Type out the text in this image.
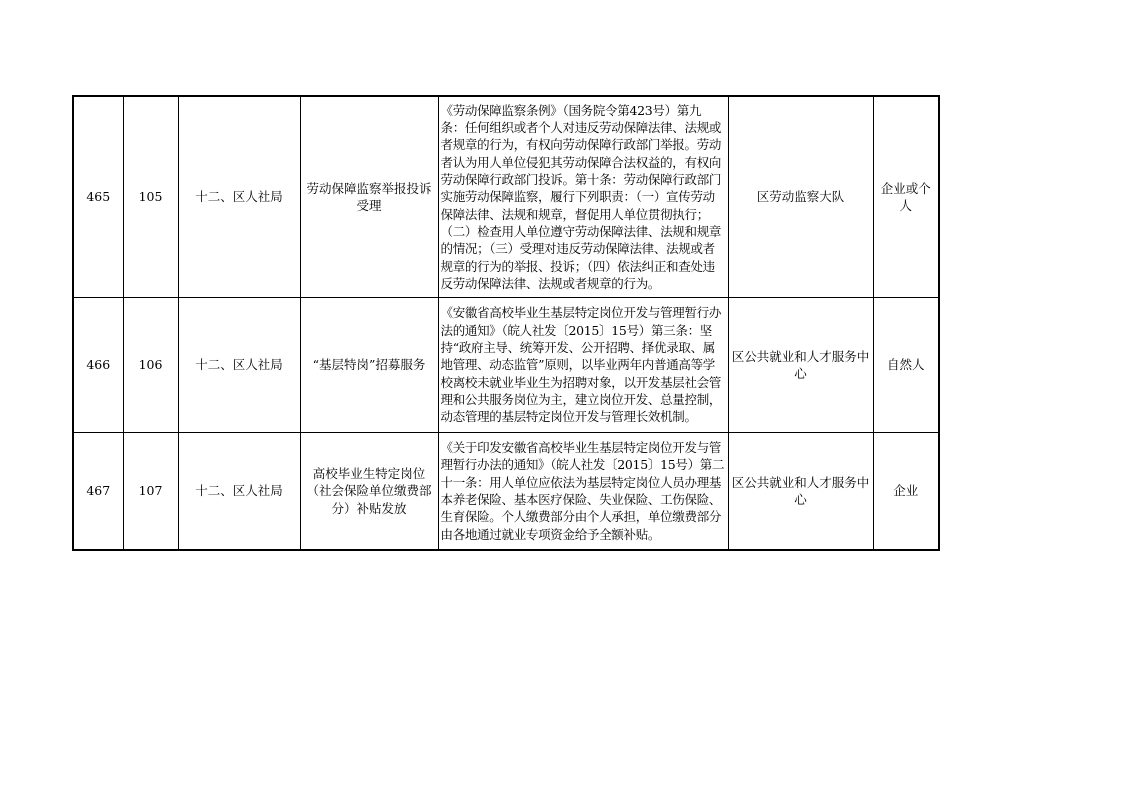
465	105	十二、区人社局	劳动保障监察举报投诉受理	《劳动保障监察条例》（国务院令第423号）第九条：任何组织或者个人对违反劳动保障法律、法规或者规章的行为，有权向劳动保障行政部门举报。劳动者认为用人单位侵犯其劳动保障合法权益的，有权向劳动保障行政部门投诉。第十条：劳动保障行政部门实施劳动保障监察，履行下列职责：（一）宣传劳动保障法律、法规和规章，督促用人单位贯彻执行；（二）检查用人单位遵守劳动保障法律、法规和规章的情况；（三）受理对违反劳动保障法律、法规或者规章的行为的举报、投诉；（四）依法纠正和查处违反劳动保障法律、法规或者规章的行为。	区劳动监察大队	企业或个人
466	106	十二、区人社局	“基层特岗”招募服务	《安徽省高校毕业生基层特定岗位开发与管理暂行办法的通知》（皖人社发〔2015〕15号）第三条：坚持“政府主导、统筹开发、公开招聘、择优录取、属地管理、动态监管”原则，以毕业两年内普通高等学校离校未就业毕业生为招聘对象，以开发基层社会管理和公共服务岗位为主，建立岗位开发、总量控制，动态管理的基层特定岗位开发与管理长效机制。	区公共就业和人才服务中心	自然人
467	107	十二、区人社局	高校毕业生特定岗位（社会保险单位缴费部分）补贴发放	《关于印发安徽省高校毕业生基层特定岗位开发与管理暂行办法的通知》（皖人社发〔2015〕15号）第二十一条：用人单位应依法为基层特定岗位人员办理基本养老保险、基本医疗保险、失业保险、工伤保险、生育保险。个人缴费部分由个人承担，单位缴费部分由各地通过就业专项资金给予全额补贴。	区公共就业和人才服务中心	企业
